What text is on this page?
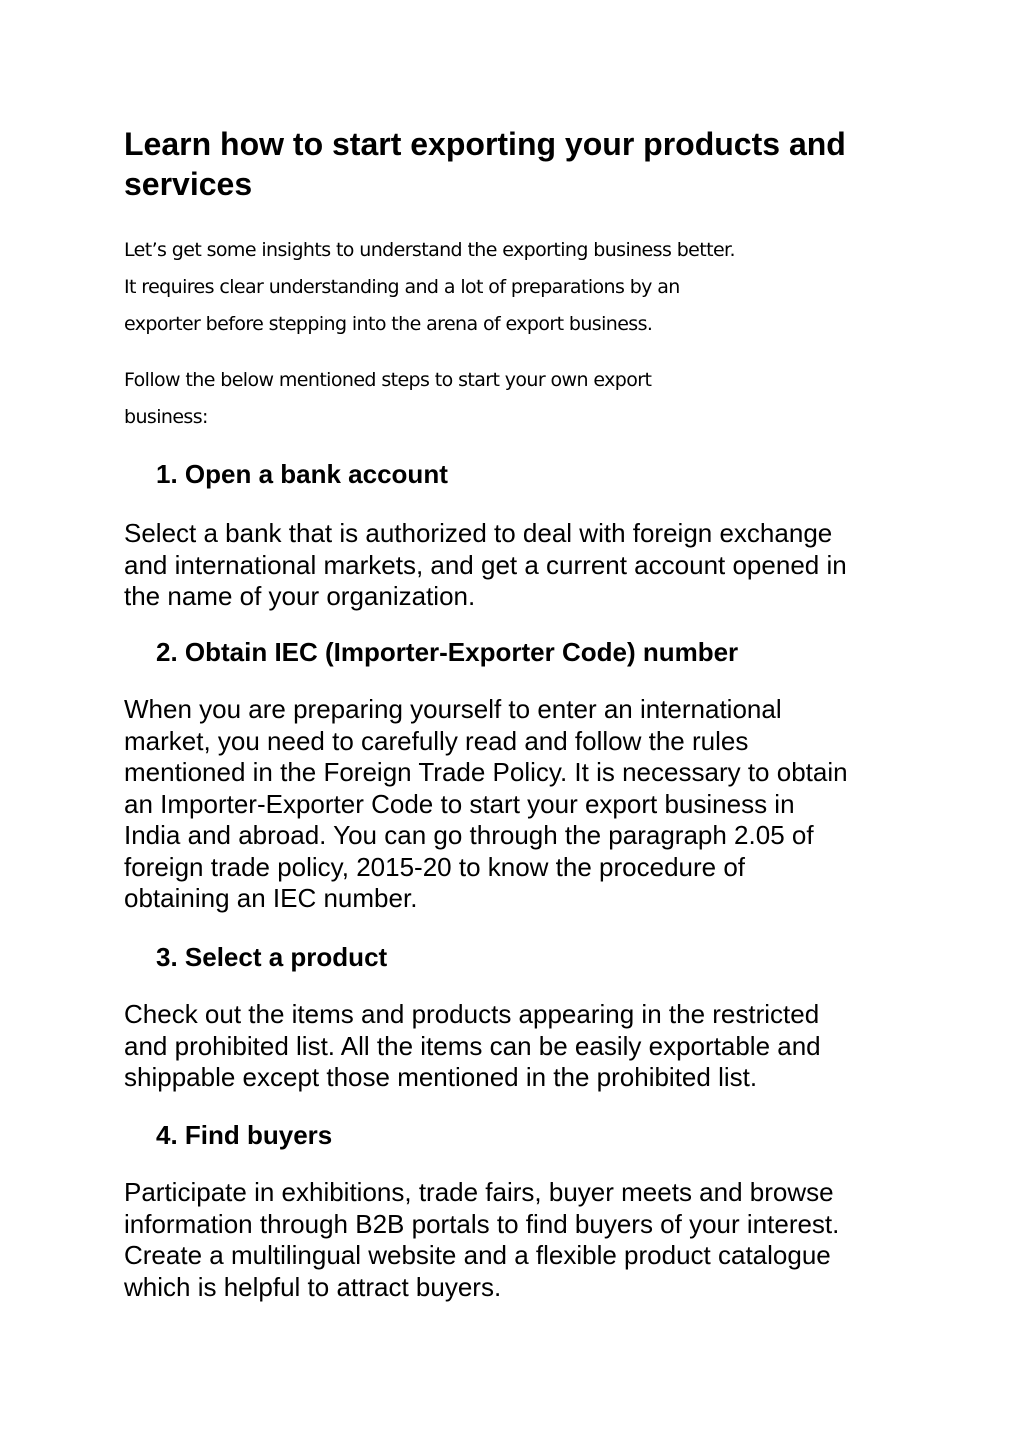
Learn how to start exporting your products and services

Let’s get some insights to understand the exporting business better.
It requires clear understanding and a lot of preparations by an
exporter before stepping into the arena of export business.

Follow the below mentioned steps to start your own export
business:

1. Open a bank account

Select a bank that is authorized to deal with foreign exchange
and international markets, and get a current account opened in
the name of your organization.

2. Obtain IEC (Importer-Exporter Code) number

When you are preparing yourself to enter an international
market, you need to carefully read and follow the rules
mentioned in the Foreign Trade Policy. It is necessary to obtain
an Importer-Exporter Code to start your export business in
India and abroad. You can go through the paragraph 2.05 of
foreign trade policy, 2015-20 to know the procedure of
obtaining an IEC number.

3. Select a product

Check out the items and products appearing in the restricted
and prohibited list. All the items can be easily exportable and
shippable except those mentioned in the prohibited list.

4. Find buyers

Participate in exhibitions, trade fairs, buyer meets and browse
information through B2B portals to find buyers of your interest.
Create a multilingual website and a flexible product catalogue
which is helpful to attract buyers.
